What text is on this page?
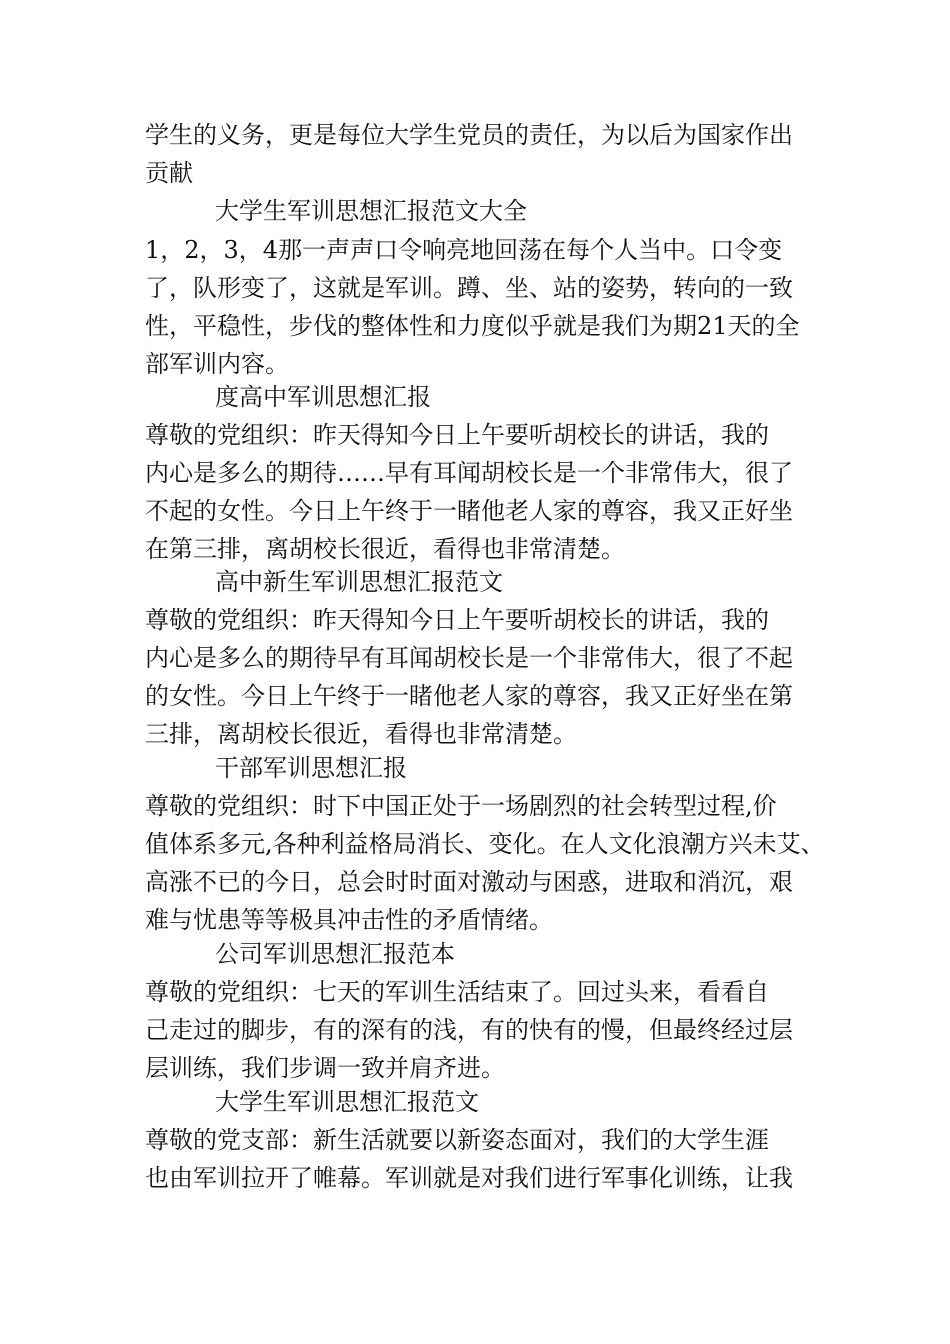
学生的义务，更是每位大学生党员的责任，为以后为国家作出
贡献
大学生军训思想汇报范文大全
1，2，3，4那一声声口令响亮地回荡在每个人当中。口令变
了，队形变了，这就是军训。蹲、坐、站的姿势，转向的一致
性，平稳性，步伐的整体性和力度似乎就是我们为期21天的全
部军训内容。
度高中军训思想汇报
尊敬的党组织：昨天得知今日上午要听胡校长的讲话，我的
内心是多么的期待……早有耳闻胡校长是一个非常伟大，很了
不起的女性。今日上午终于一睹他老人家的尊容，我又正好坐
在第三排，离胡校长很近，看得也非常清楚。
高中新生军训思想汇报范文
尊敬的党组织：昨天得知今日上午要听胡校长的讲话，我的
内心是多么的期待早有耳闻胡校长是一个非常伟大，很了不起
的女性。今日上午终于一睹他老人家的尊容，我又正好坐在第
三排，离胡校长很近，看得也非常清楚。
干部军训思想汇报
尊敬的党组织：时下中国正处于一场剧烈的社会转型过程,价
值体系多元,各种利益格局消长、变化。在人文化浪潮方兴未艾、
高涨不已的今日，总会时时面对激动与困惑，进取和消沉，艰
难与忧患等等极具冲击性的矛盾情绪。
公司军训思想汇报范本
尊敬的党组织：七天的军训生活结束了。回过头来，看看自
己走过的脚步，有的深有的浅，有的快有的慢，但最终经过层
层训练，我们步调一致并肩齐进。
大学生军训思想汇报范文
尊敬的党支部：新生活就要以新姿态面对，我们的大学生涯
也由军训拉开了帷幕。军训就是对我们进行军事化训练，让我
